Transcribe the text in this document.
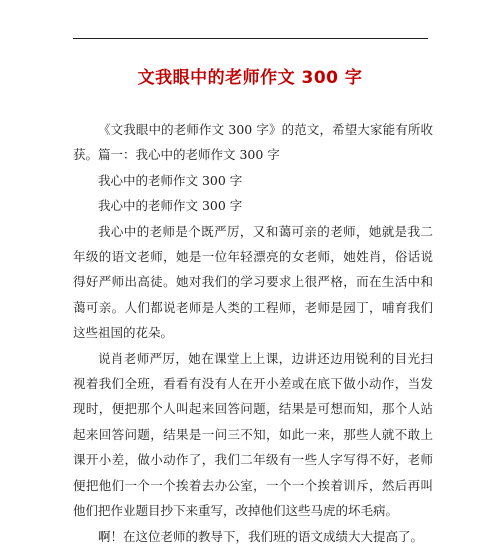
文我眼中的老师作文 300 字

《文我眼中的老师作文 300 字》的范文，希望大家能有所收获。篇一：我心中的老师作文 300 字

我心中的老师作文 300 字

我心中的老师作文 300 字

我心中的老师是个既严厉，又和蔼可亲的老师，她就是我二年级的语文老师，她是一位年轻漂亮的女老师，她姓肖，俗话说得好严师出高徒。她对我们的学习要求上很严格，而在生活中和蔼可亲。人们都说老师是人类的工程师，老师是园丁，哺育我们这些祖国的花朵。

说肖老师严厉，她在课堂上上课，边讲还边用锐利的目光扫视着我们全班，看看有没有人在开小差或在底下做小动作，当发现时，便把那个人叫起来回答问题，结果是可想而知，那个人站起来回答问题，结果是一问三不知，如此一来，那些人就不敢上课开小差，做小动作了，我们二年级有一些人字写得不好，老师便把他们一个一个挨着去办公室，一个一个挨着训斥，然后再叫他们把作业题目抄下来重写，改掉他们这些马虎的坏毛病。

啊！在这位老师的教导下，我们班的语文成绩大大提高了。
